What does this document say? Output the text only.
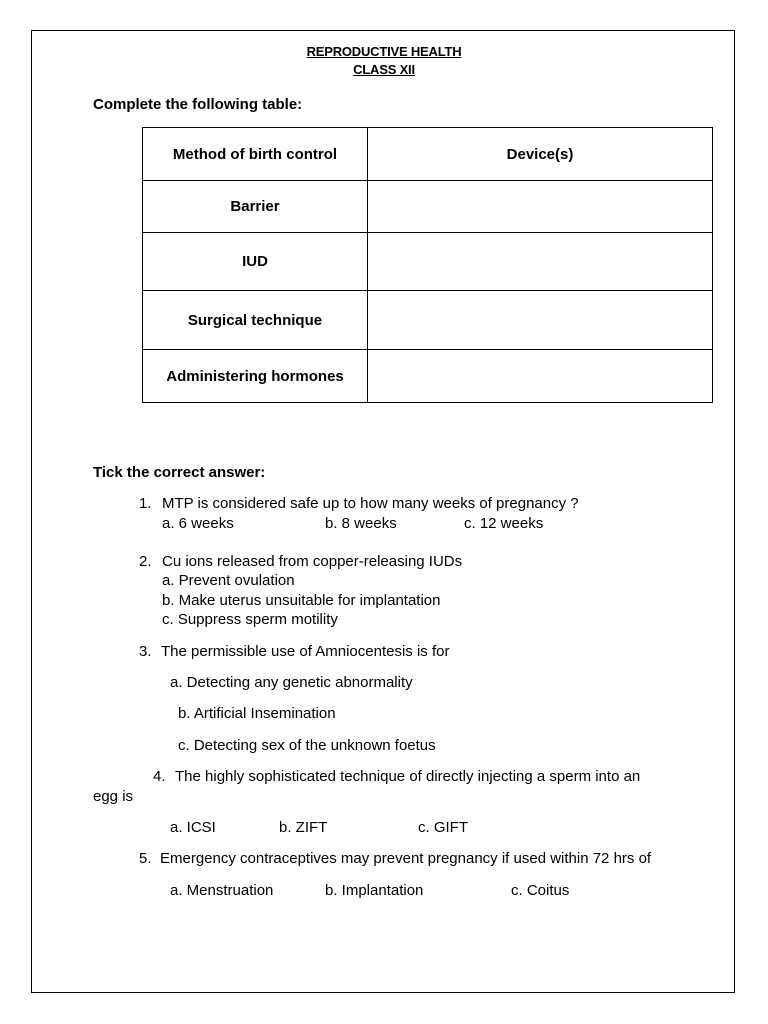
REPRODUCTIVE HEALTH
CLASS XII
Complete the following table:
Method of birth control	Device(s)
Barrier	
IUD	
Surgical technique	
Administering hormones	
Tick the correct answer:
1. MTP is considered safe up to how many weeks of pregnancy ?
a. 6 weeks	b. 8 weeks	c. 12 weeks
2. Cu ions released from copper-releasing IUDs
a. Prevent ovulation
b. Make uterus unsuitable for implantation
c. Suppress sperm motility
3. The permissible use of Amniocentesis is for
a. Detecting any genetic abnormality
b. Artificial Insemination
c. Detecting sex of the unknown foetus
4. The highly sophisticated technique of directly injecting a sperm into an
egg is
a. ICSI	b. ZIFT	c. GIFT
5. Emergency contraceptives may prevent pregnancy if used within 72 hrs of
a. Menstruation	b. Implantation	c. Coitus
